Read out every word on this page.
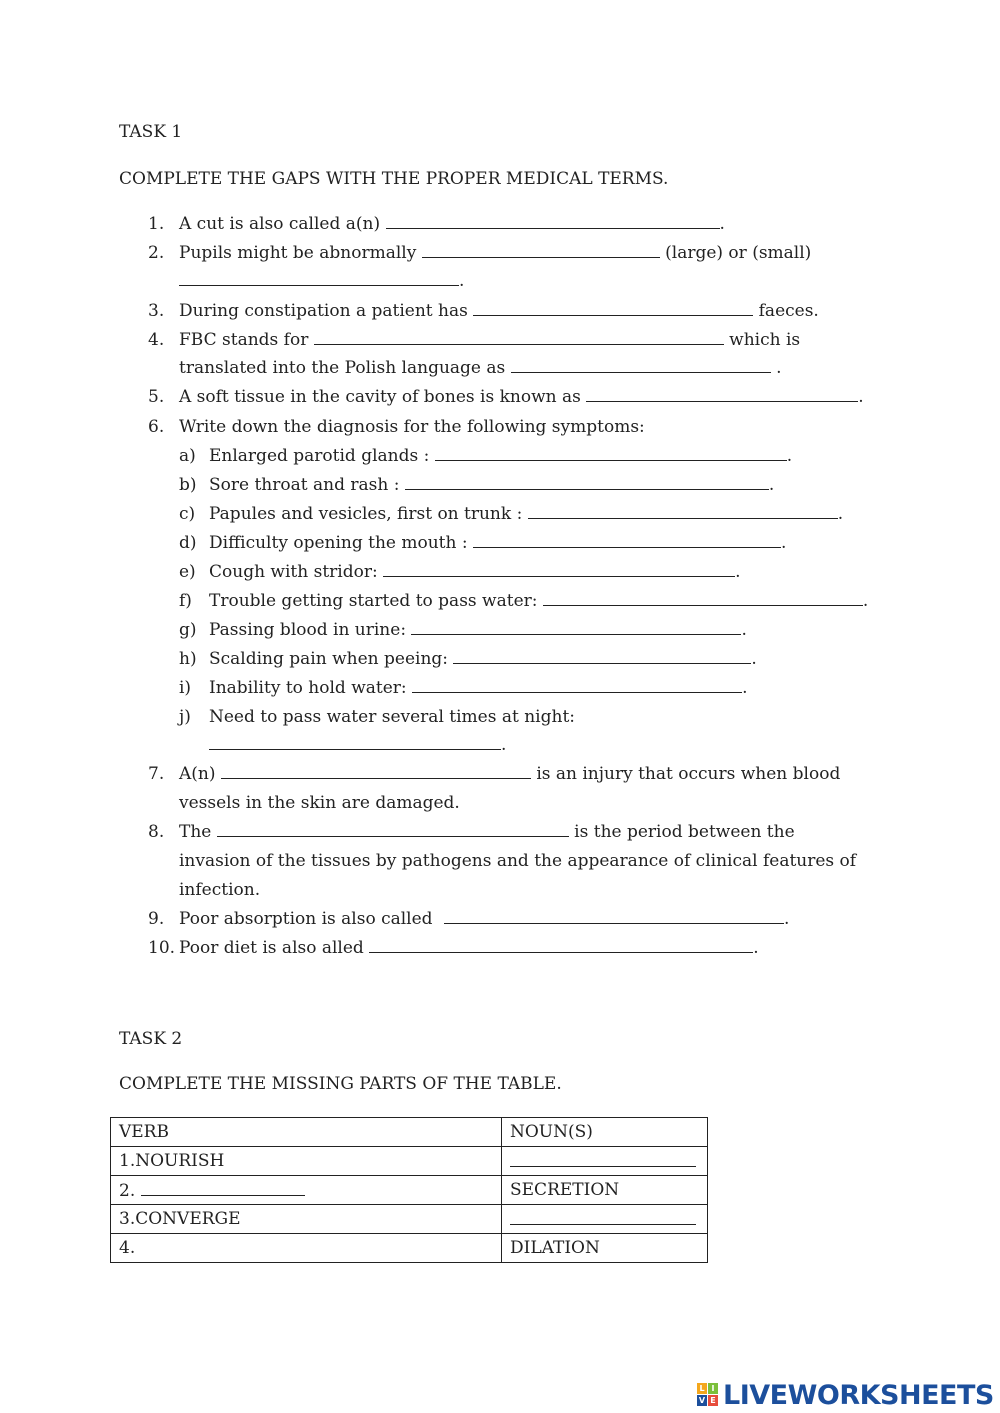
TASK 1
COMPLETE THE GAPS WITH THE PROPER MEDICAL TERMS.
1. A cut is also called a(n)	.
2. Pupils might be abnormally	(large) or (small)
.
3. During constipation a patient has	faeces.
4. FBC stands for	which is
translated into the Polish language as	.
5. A soft tissue in the cavity of bones is known as	.
6. Write down the diagnosis for the following symptoms:
a) Enlarged parotid glands :	.
b) Sore throat and rash :	.
c) Papules and vesicles, first on trunk :	.
d) Difficulty opening the mouth :	.
e) Cough with stridor:	.
f) Trouble getting started to pass water:	.
g) Passing blood in urine:	.
h) Scalding pain when peeing:	.
i) Inability to hold water:	.
j) Need to pass water several times at night:
.
7. A(n)	is an injury that occurs when blood
vessels in the skin are damaged.
8. The	is the period between the
invasion of the tissues by pathogens and the appearance of clinical features of
infection.
9. Poor absorption is also called	.
10. Poor diet is also alled	.
TASK 2
COMPLETE THE MISSING PARTS OF THE TABLE.
VERB	NOUN(S)
1.NOURISH	
2.	SECRETION
3.CONVERGE	
4.	DILATION
L I
V E LIVEWORKSHEETS
